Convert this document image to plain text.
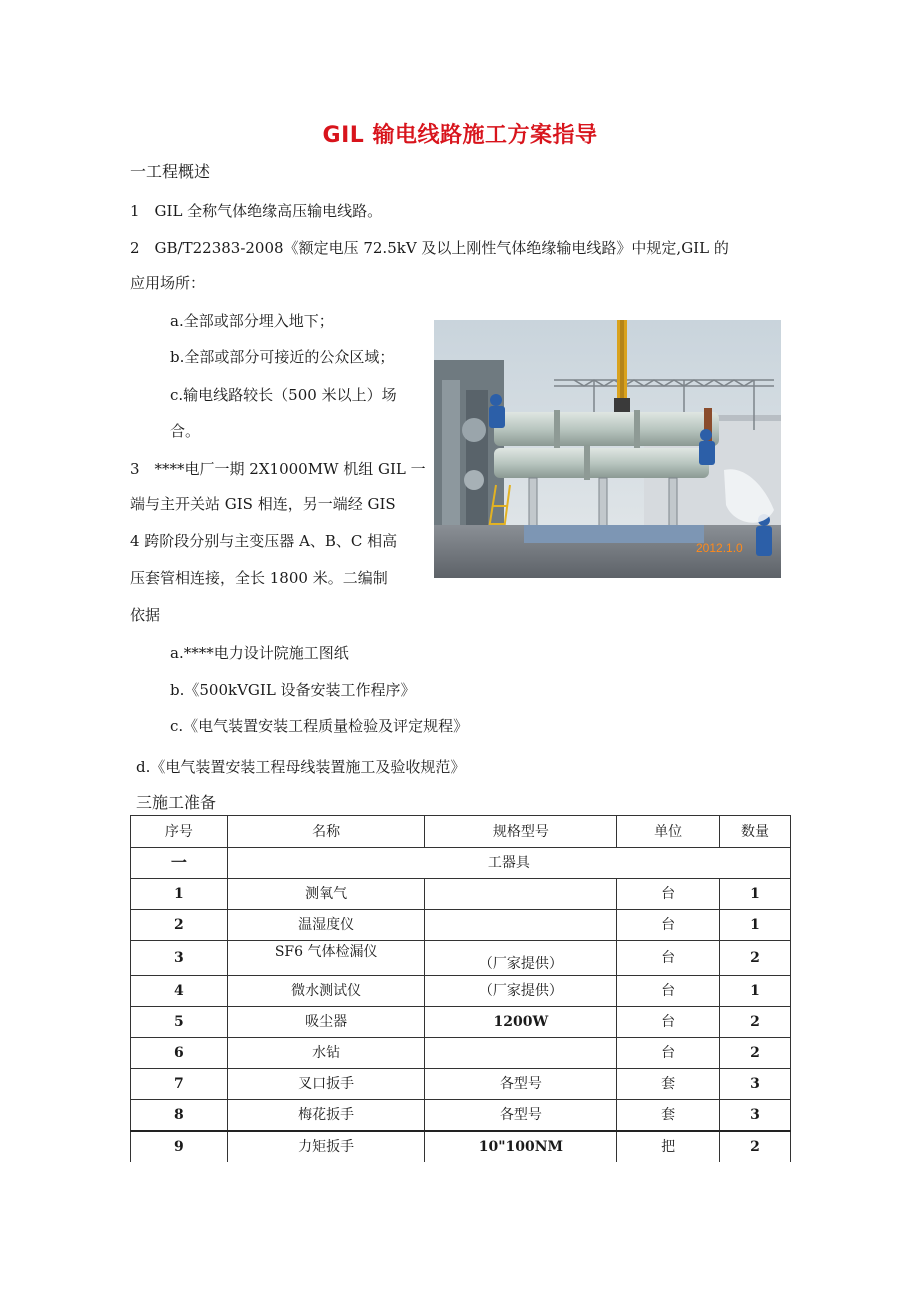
GIL 输电线路施工方案指导
一工程概述
1　GIL 全称气体绝缘高压输电线路。
2　GB/T22383-2008《额定电压 72.5kV 及以上刚性气体绝缘输电线路》中规定,GIL 的
应用场所：
a.全部或部分埋入地下；
b.全部或部分可接近的公众区域；
c.输电线路较长（500 米以上）场
合。
3　****电厂一期 2X1000MW 机组 GIL 一
端与主开关站 GIS 相连，另一端经 GIS
4 跨阶段分别与主变压器 A、B、C 相高
压套管相连接，全长 1800 米。二编制
依据
a.****电力设计院施工图纸
b.《500kVGIL 设备安装工作程序》
c.《电气装置安装工程质量检验及评定规程》
d.《电气装置安装工程母线装置施工及验收规范》
三施工准备
2012.1.0
序号	名称	规格型号	单位	数量
一	工器具			
1	测氧气		台	1
2	温湿度仪		台	1
3	SF6 气体检漏仪	（厂家提供）	台	2
4	微水测试仪	（厂家提供）	台	1
5	吸尘器	1200W	台	2
6	水钻		台	2
7	叉口扳手	各型号	套	3
8	梅花扳手	各型号	套	3
9	力矩扳手	10"100NM	把	2
